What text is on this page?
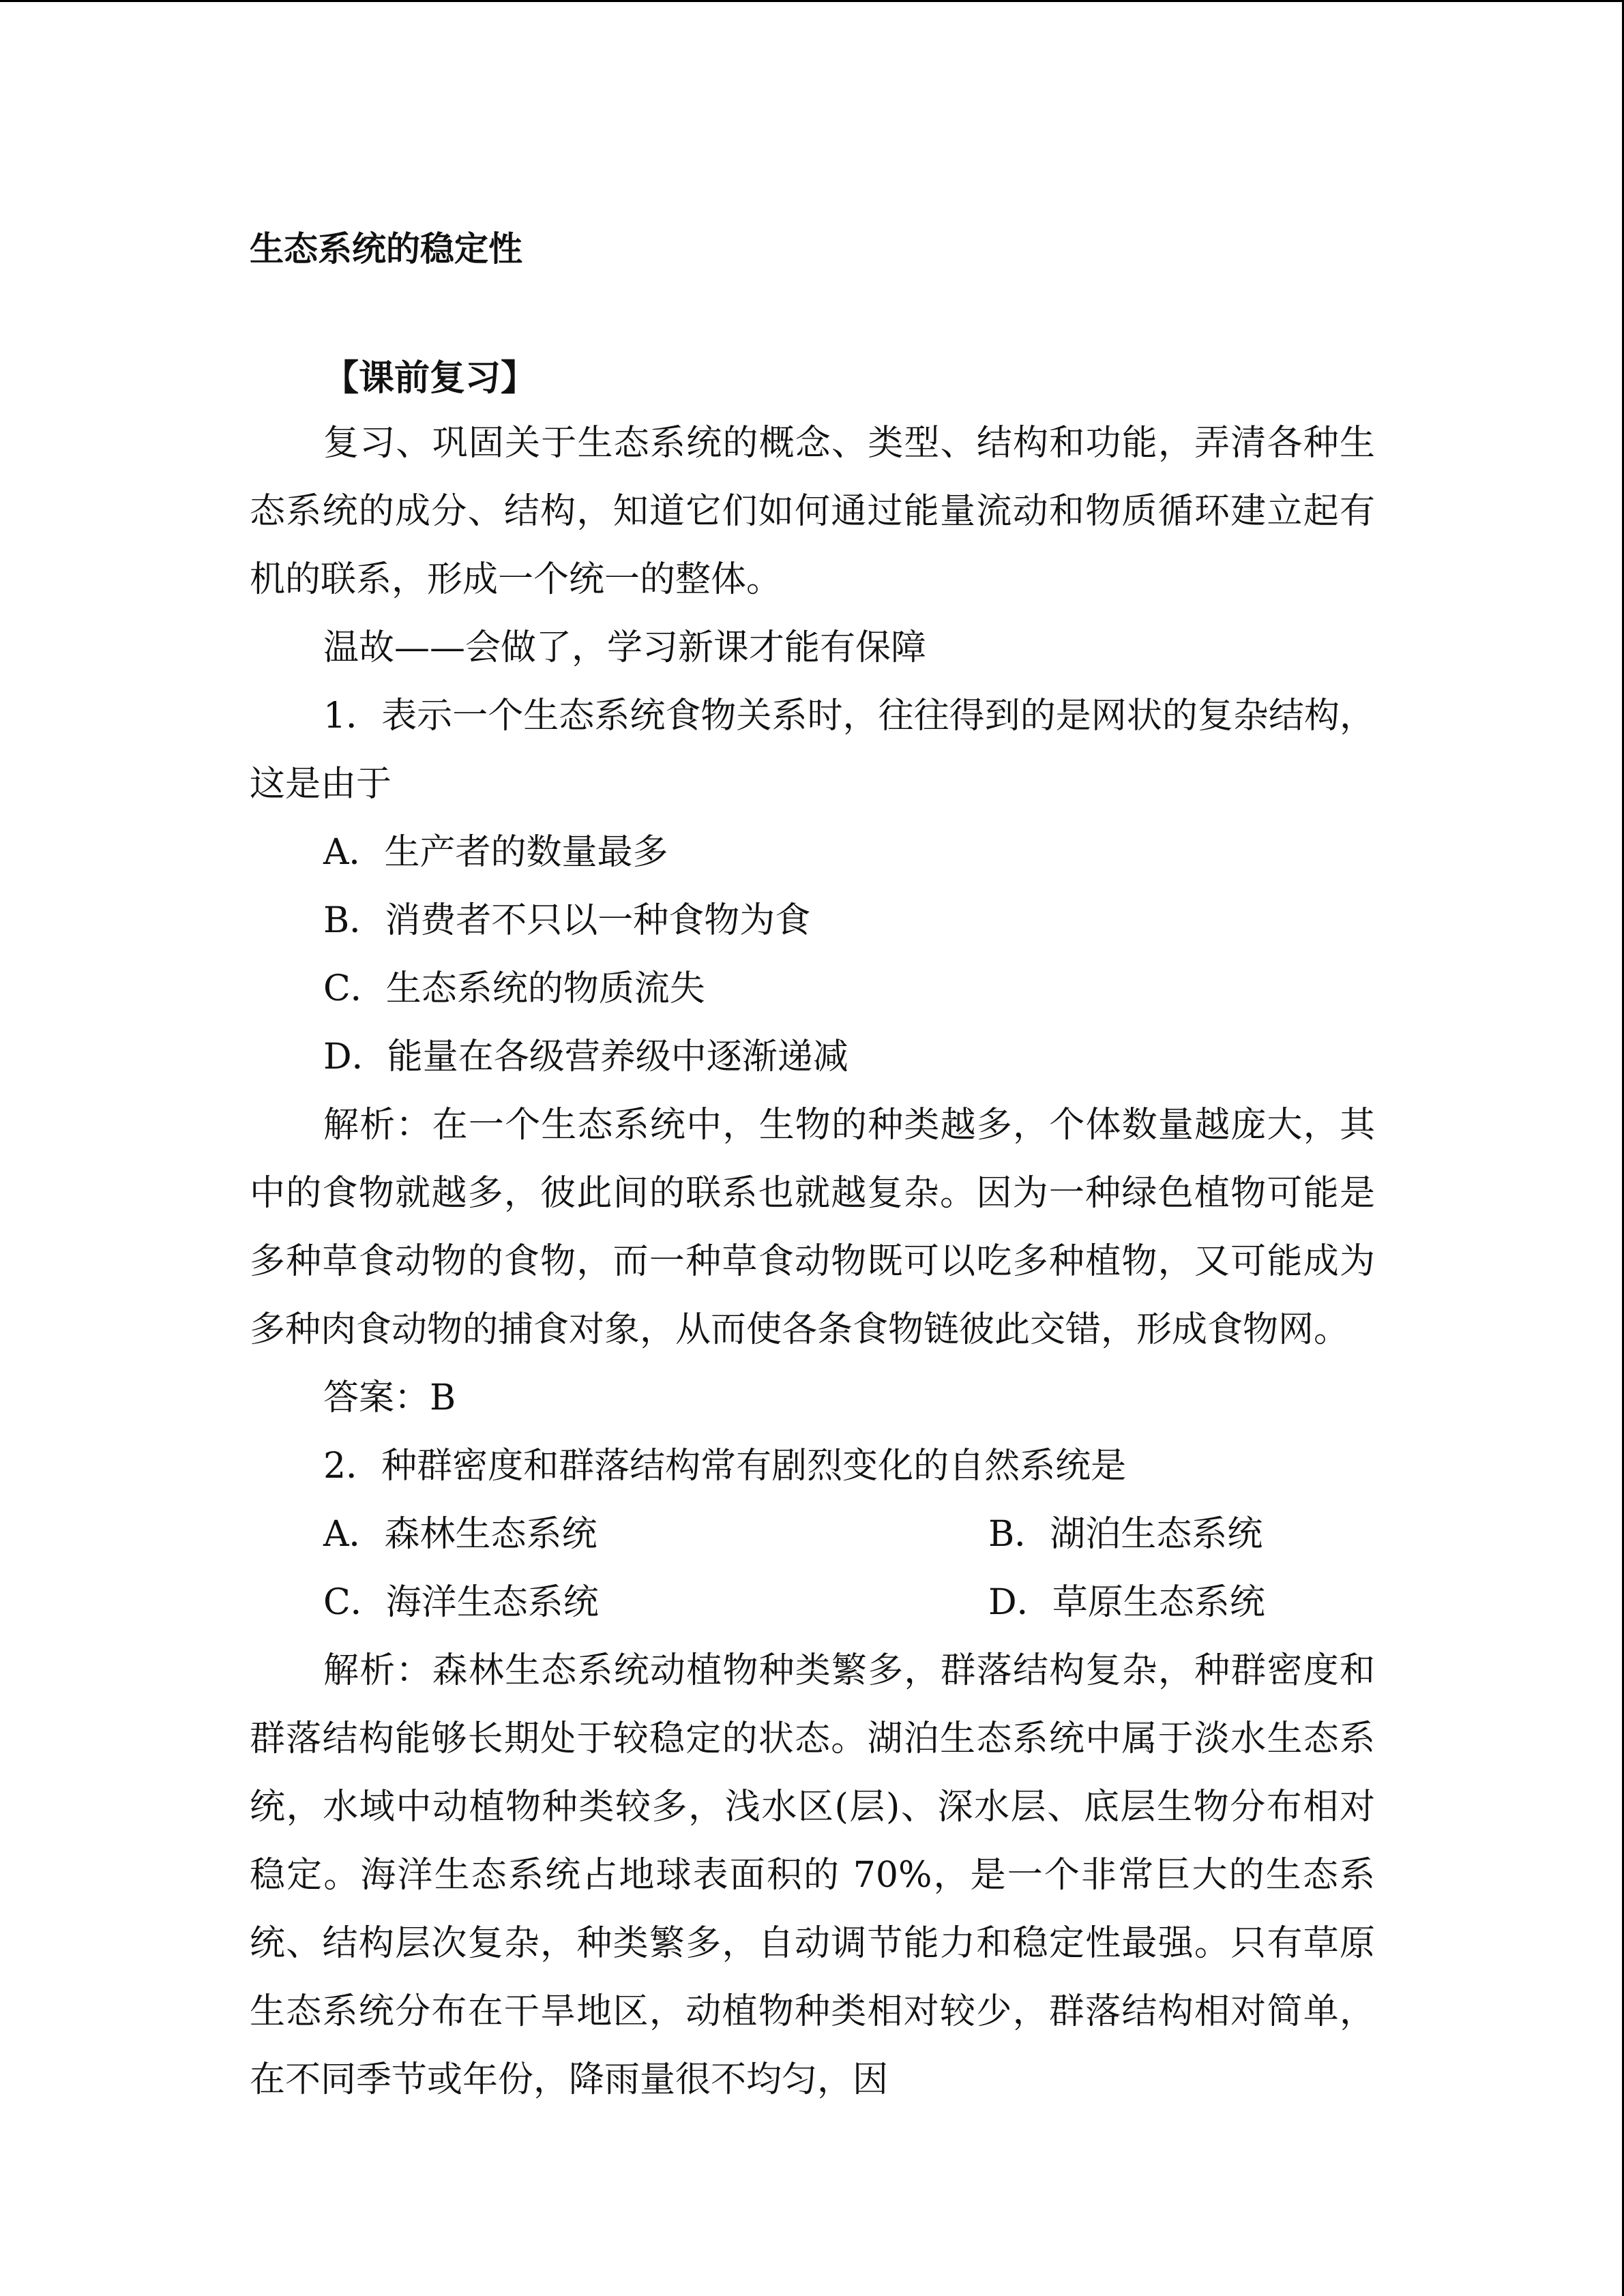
生态系统的稳定性

【课前复习】

复习、巩固关于生态系统的概念、类型、结构和功能，弄清各种生态系统的成分、结构，知道它们如何通过能量流动和物质循环建立起有机的联系，形成一个统一的整体。

温故——会做了，学习新课才能有保障

1．表示一个生态系统食物关系时，往往得到的是网状的复杂结构，这是由于

A．生产者的数量最多

B．消费者不只以一种食物为食

C．生态系统的物质流失

D．能量在各级营养级中逐渐递减

解析：在一个生态系统中，生物的种类越多，个体数量越庞大，其中的食物就越多，彼此间的联系也就越复杂。因为一种绿色植物可能是多种草食动物的食物，而一种草食动物既可以吃多种植物，又可能成为多种肉食动物的捕食对象，从而使各条食物链彼此交错，形成食物网。

答案：B

2．种群密度和群落结构常有剧烈变化的自然系统是

A．森林生态系统	B．湖泊生态系统
C．海洋生态系统	D．草原生态系统

解析：森林生态系统动植物种类繁多，群落结构复杂，种群密度和群落结构能够长期处于较稳定的状态。湖泊生态系统中属于淡水生态系统，水域中动植物种类较多，浅水区(层)、深水层、底层生物分布相对稳定。海洋生态系统占地球表面积的 70%，是一个非常巨大的生态系统、结构层次复杂，种类繁多，自动调节能力和稳定性最强。只有草原生态系统分布在干旱地区，动植物种类相对较少，群落结构相对简单，在不同季节或年份，降雨量很不均匀，因
